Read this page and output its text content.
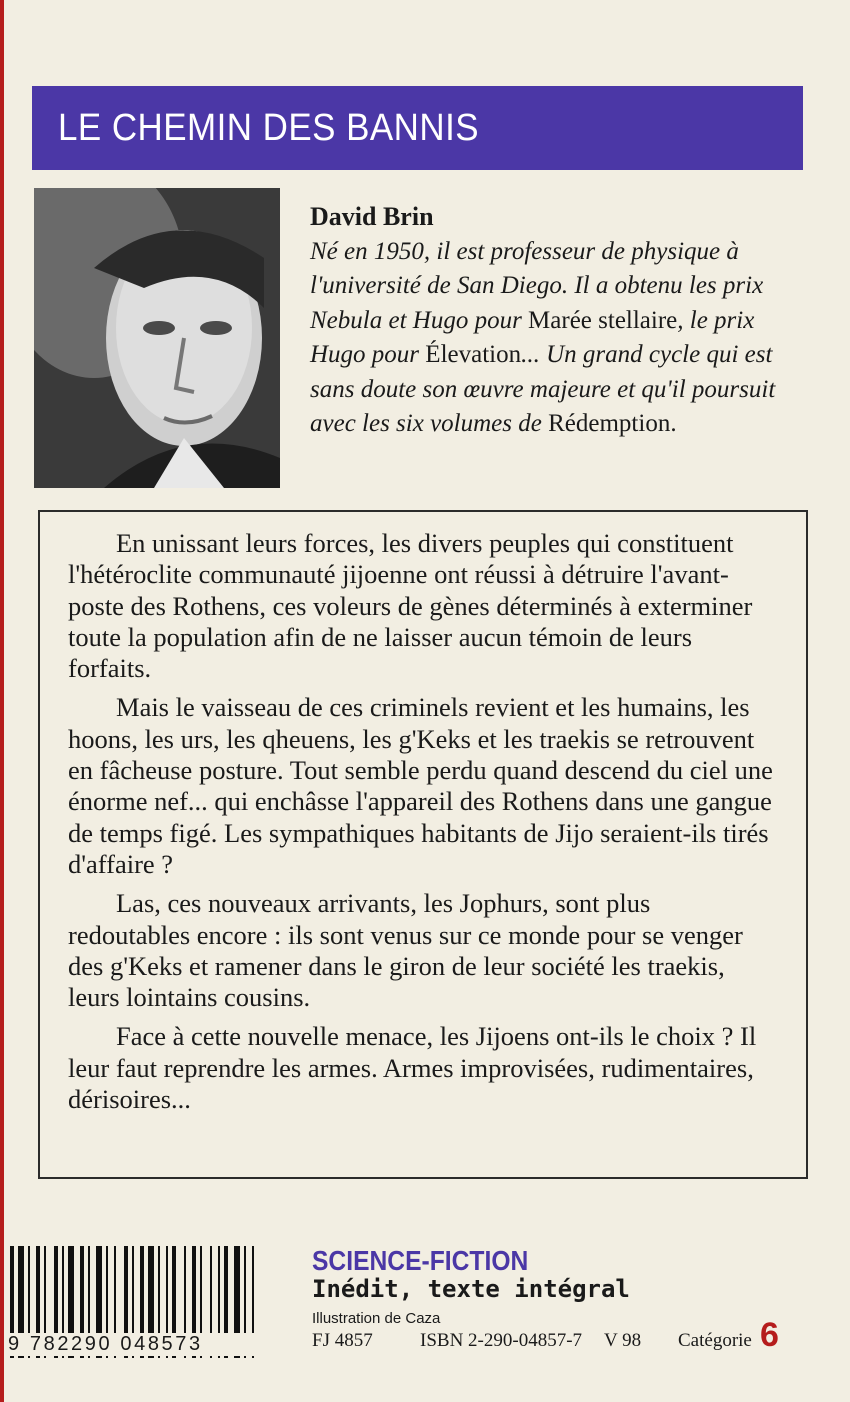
LE CHEMIN DES BANNIS
David Brin
Né en 1950, il est professeur de physique à l'université de San Diego. Il a obtenu les prix Nebula et Hugo pour Marée stellaire, le prix Hugo pour Élevation... Un grand cycle qui est sans doute son œuvre majeure et qu'il poursuit avec les six volumes de Rédemption.

En unissant leurs forces, les divers peuples qui constituent l'hétéroclite communauté jijoenne ont réussi à détruire l'avant-poste des Rothens, ces voleurs de gènes déterminés à exterminer toute la population afin de ne laisser aucun témoin de leurs forfaits.

Mais le vaisseau de ces criminels revient et les humains, les hoons, les urs, les qheuens, les g'Keks et les traekis se retrouvent en fâcheuse posture. Tout semble perdu quand descend du ciel une énorme nef... qui enchâsse l'appareil des Rothens dans une gangue de temps figé. Les sympathiques habitants de Jijo seraient-ils tirés d'affaire ?

Las, ces nouveaux arrivants, les Jophurs, sont plus redoutables encore : ils sont venus sur ce monde pour se venger des g'Keks et ramener dans le giron de leur société les traekis, leurs lointains cousins.

Face à cette nouvelle menace, les Jijoens ont-ils le choix ? Il leur faut reprendre les armes. Armes improvisées, rudimentaires, dérisoires...

9 782290 048573
SCIENCE-FICTION
Inédit, texte intégral
Illustration de Caza
FJ 4857 ISBN 2-290-04857-7 V 98 Catégorie 6
